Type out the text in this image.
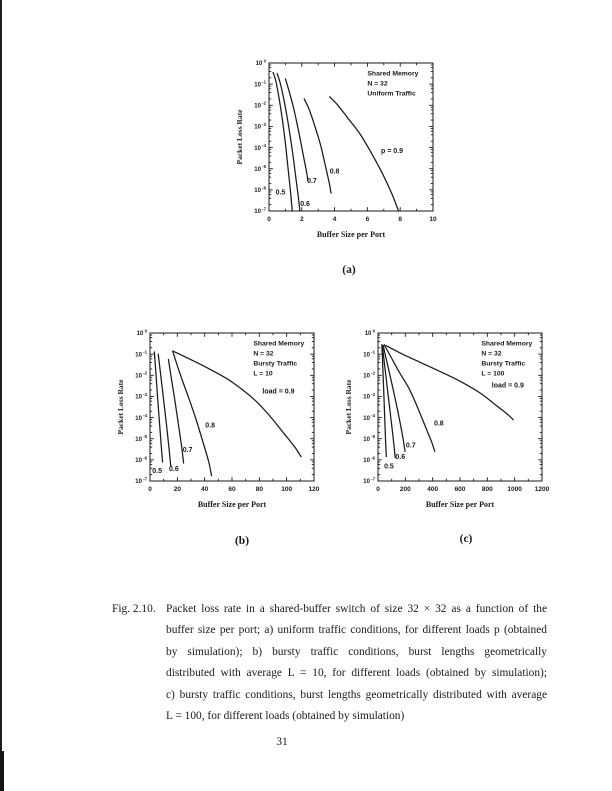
0	2	4	6	8	10
10 $^0$
10 $^{-1}$
10 $^{-2}$
10 $^{-3}$
10 $^{-4}$
10 $^{-5}$
10 $^{-6}$
10 $^{-7}$
0.5
0.6
0.7
0.8
p = 0.9
Shared Memory
N = 32
Uniform Traffic
Buffer Size per Port
Packet Loss Rate
0	20	40	60	80	100	120
10 $^0$
10 $^{-1}$
10 $^{-2}$
10 $^{-3}$
10 $^{-4}$
10 $^{-5}$
10 $^{-6}$
10 $^{-7}$
0.5 0.6
0.7
0.8
load = 0.9
Shared Memory
N = 32
Bursty Traffic
L = 10
Buffer Size per Port
Packet Loss Rate
0	200	400	600	800 1000 1200
10 $^0$
10 $^{-1}$
10 $^{-2}$
10 $^{-3}$
10 $^{-4}$
10 $^{-5}$
10 $^{-6}$
10 $^{-7}$
0.5
0.6
0.7
0.8
load = 0.9
Shared Memory
N = 32
Bursty Traffic
L = 100
Buffer Size per Port
Packet Loss Rate
(a)
(b)	(c)
Fig. 2.10. Packet loss rate in a shared-buffer switch of size 32 × 32 as a function of the
buffer size per port; a) uniform traffic conditions, for different loads p (obtained
by simulation); b) bursty traffic conditions, burst lengths geometrically
distributed with average L = 10, for different loads (obtained by simulation);
c) bursty traffic conditions, burst lengths geometrically distributed with average
L = 100, for different loads (obtained by simulation)
31
